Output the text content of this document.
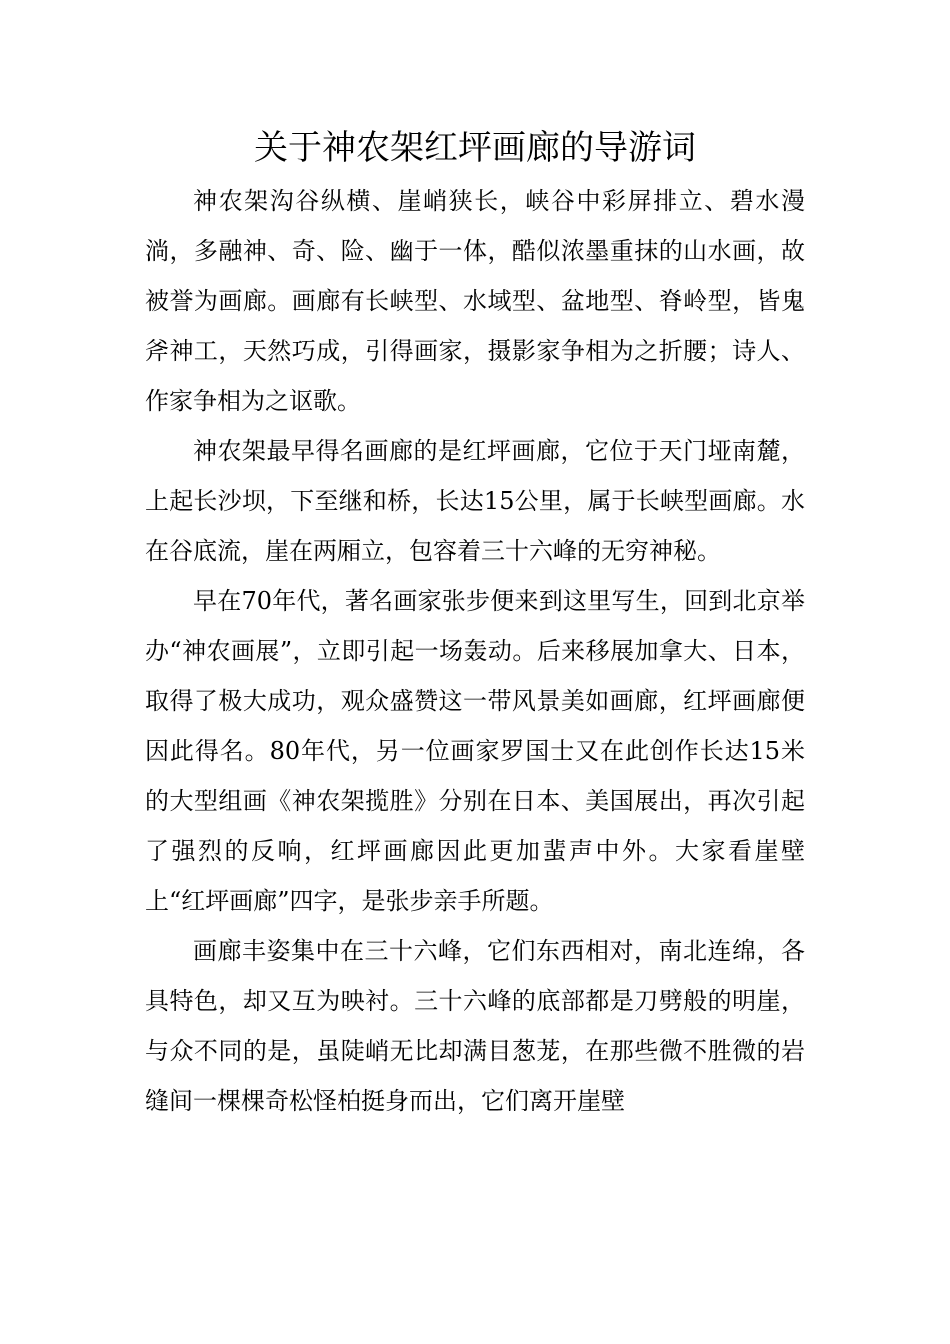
关于神农架红坪画廊的导游词

神农架沟谷纵横、崖峭狭长，峡谷中彩屏排立、碧水漫淌，多融神、奇、险、幽于一体，酷似浓墨重抹的山水画，故被誉为画廊。画廊有长峡型、水域型、盆地型、脊岭型，皆鬼斧神工，天然巧成，引得画家，摄影家争相为之折腰；诗人、作家争相为之讴歌。

神农架最早得名画廊的是红坪画廊，它位于天门垭南麓，上起长沙坝，下至继和桥，长达15公里，属于长峡型画廊。水在谷底流，崖在两厢立，包容着三十六峰的无穷神秘。

早在70年代，著名画家张步便来到这里写生，回到北京举办“神农画展”，立即引起一场轰动。后来移展加拿大、日本，取得了极大成功，观众盛赞这一带风景美如画廊，红坪画廊便因此得名。80年代，另一位画家罗国士又在此创作长达15米的大型组画《神农架揽胜》分别在日本、美国展出，再次引起了强烈的反响，红坪画廊因此更加蜚声中外。大家看崖壁上“红坪画廊”四字，是张步亲手所题。

画廊丰姿集中在三十六峰，它们东西相对，南北连绵，各具特色，却又互为映衬。三十六峰的底部都是刀劈般的明崖，与众不同的是，虽陡峭无比却满目葱茏，在那些微不胜微的岩缝间一棵棵奇松怪柏挺身而出，它们离开崖壁
